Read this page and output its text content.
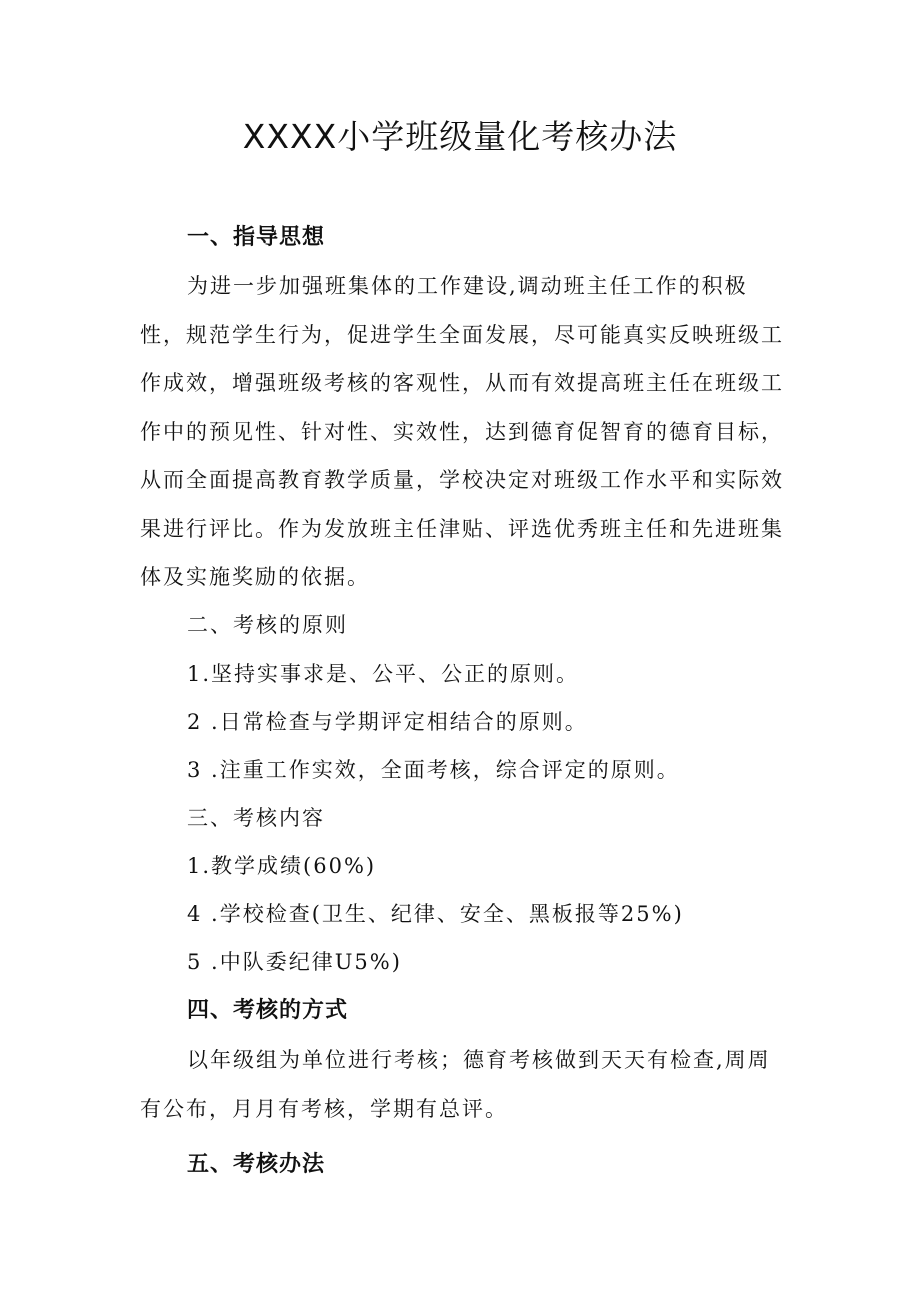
XXXX小学班级量化考核办法
一、指导思想

为进一步加强班集体的工作建设,调动班主任工作的积极性，规范学生行为，促进学生全面发展，尽可能真实反映班级工作成效，增强班级考核的客观性，从而有效提高班主任在班级工作中的预见性、针对性、实效性，达到德育促智育的德育目标，从而全面提高教育教学质量，学校决定对班级工作水平和实际效果进行评比。作为发放班主任津贴、评选优秀班主任和先进班集体及实施奖励的依据。

二、考核的原则
1.坚持实事求是、公平、公正的原则。
2 .日常检查与学期评定相结合的原则。
3 .注重工作实效，全面考核，综合评定的原则。
三、考核内容
1.教学成绩(60%)
4 .学校检查(卫生、纪律、安全、黑板报等25%)
5 .中队委纪律U5%)
四、考核的方式

以年级组为单位进行考核；德育考核做到天天有检查,周周有公布，月月有考核，学期有总评。

五、考核办法
